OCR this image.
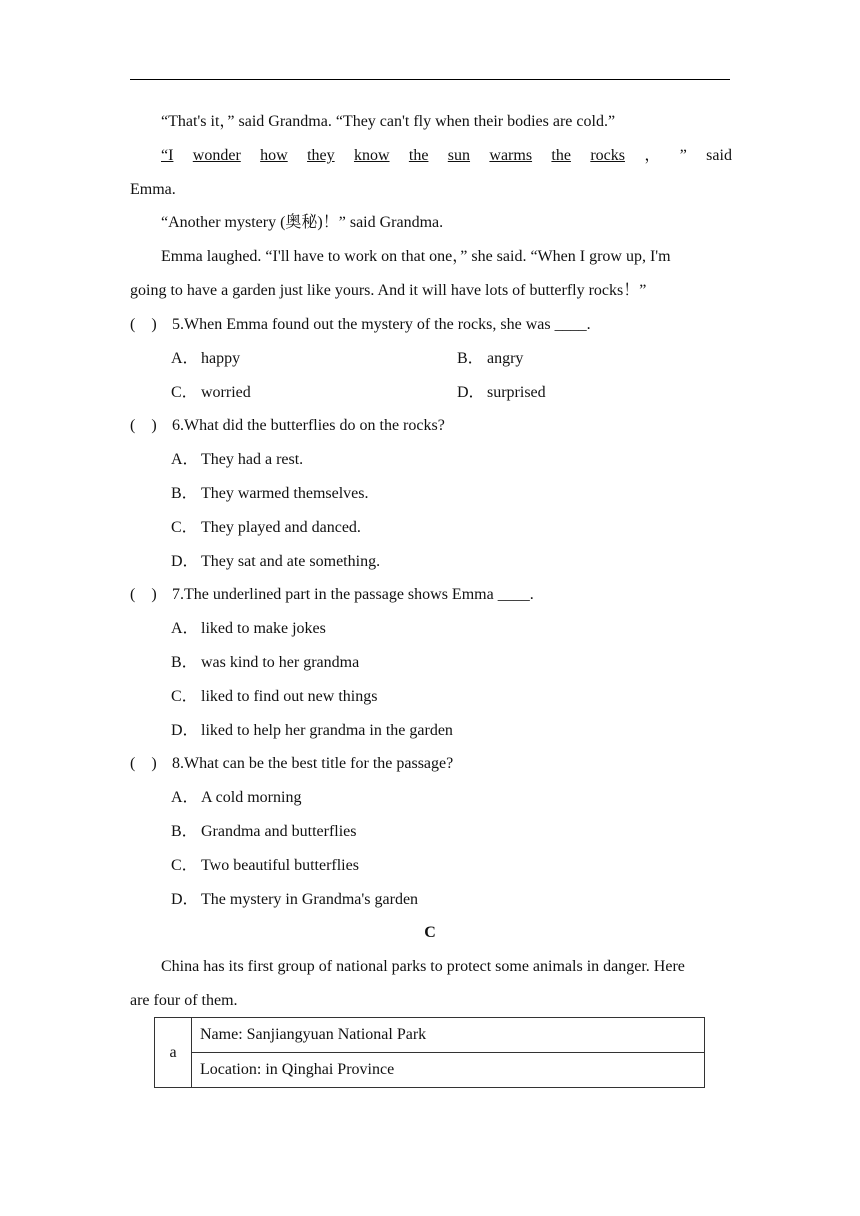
“That's it，” said Grandma. “They can't fly when their bodies are cold.”
“I wonder how they know the sun warms the rocks ， ” said
Emma.
“Another mystery (奥秘)！” said Grandma.
Emma laughed. “I'll have to work on that one，” she said. “When I grow up, I'm
going to have a garden just like yours. And it will have lots of butterfly rocks！”
(    ) 5.When Emma found out the mystery of the rocks, she was ____.
A． happy	B． angry
C． worried	D． surprised
(    ) 6.What did the butterflies do on the rocks?
A． They had a rest.
B． They warmed themselves.
C． They played and danced.
D． They sat and ate something.
(    ) 7.The underlined part in the passage shows Emma ____.
A． liked to make jokes
B． was kind to her grandma
C． liked to find out new things
D． liked to help her grandma in the garden
(    ) 8.What can be the best title for the passage?
A． A cold morning
B． Grandma and butterflies
C． Two beautiful butterflies
D． The mystery in Grandma's garden
C
China has its first group of national parks to protect some animals in danger. Here
are four of them.
a	Name: Sanjiangyuan National Park
Location: in Qinghai Province
